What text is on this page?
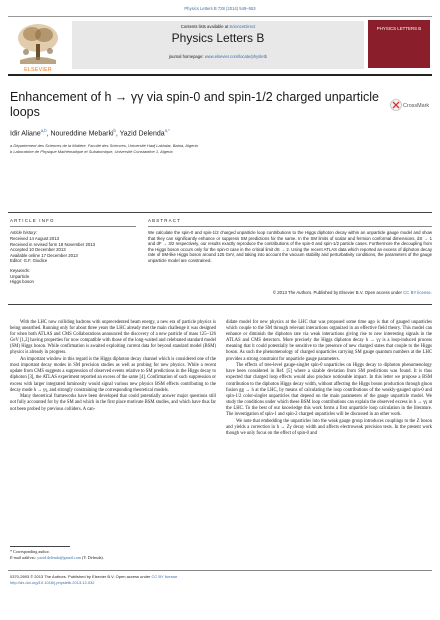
Physics Letters B 728 (2014) 549–553
ELSEVIER
Contents lists available at ScienceDirect
Physics Letters B
journal homepage: www.elsevier.com/locate/physletb
PHYSICS LETTERS B
Enhancement of h → γγ via spin-0 and spin-1/2 charged unparticle
loops	CrossMark
Idir Aliane$^{a,b}$, Noureddine Mebarki$^b$, Yazid Delenda$^{a,*}$
a Département des Sciences de la Matière, Faculté des Sciences, Université Hadj Lakhdar, Batna, Algeria
b Laboratoire de Physique Mathématique et Subatomique, Université Constantine 1, Algeria
ARTICLE INFO	ABSTRACT
Article history:
Received 14 August 2013
Received in revised form 18 November 2013
Accepted 10 December 2013
Available online 17 December 2013
Editor: G.F. Giudice
Keywords:
Unparticle
Higgs boson
We calculate the spin-0 and spin-1/2 charged unparticle loop contributions to the Higgs diphoton decay within an unparticle gauge model and show that they can significantly enhance or suppress SM predictions for the same. In the SM limits of scalar and fermion conformal dimensions, dS → 1 and dF → 3/2 respectively, our results exactly reproduce the contributions of the spin-0 and spin-1/2 particle cases. Furthermore the decoupling from the Higgs boson occurs only for the spin-0 case in the critical limit dS → 2. Using the recent ATLAS data which reported an excess of diphoton decay rate of SM-like Higgs boson around 125 GeV, and taking into account the vacuum stability and perturbativity conditions, the parameters of the gauge unparticle model are constrained.
© 2013 The Authors. Published by Elsevier B.V. Open access under CC BY license.

With the LHC now colliding hadrons with unprecedented beam energy, a new era of particle physics is being unearthed. Running only for about three years the LHC already met the main challenge it was designed for when both ATLAS and CMS Collaborations announced the discovery of a new particle of mass 125–126 GeV [1,2] having properties for now compatible with those of the long-waited and celebrated standard model (SM) Higgs boson. While confirmation is awaited exploiting current data for beyond standard model (BSM) physics is already in progress.

An important window in this regard is the Higgs diphoton decay channel which is considered one of the most important decay modes in SM precision studies as well as probing for new physics. While a recent update from CMS suggests a suppression of observed events relative to SM predictions in the Higgs decay to diphoton [3], the ATLAS experiment reported an excess of the same [4]. Confirmation of such suppression or excess with larger integrated luminosity would signal various new physics BSM effects contributing to the decay mode h → γγ, and strongly constraining the corresponding theoretical models.

Many theoretical frameworks have been developed that could potentially answer major questions still not fully accounted for by the SM and which in the first place motivate BSM studies, and which have thus far not been probed by previous colliders. A can-

didate model for new physics at the LHC that was proposed some time ago is that of gauged unparticles which couple to the SM through relevant interactions organized in an effective field theory. This model can enhance or diminish the diphoton rate via weak interactions giving rise to new interesting signals in the ATLAS and CMS detectors. More precisely the Higgs diphoton decay h → γγ is a loop-induced process meaning that it could potentially be sensitive to the presence of new charged states that couple to the Higgs boson. As such the phenomenology of charged unparticles carrying SM gauge quantum numbers at the LHC provides a strong constraint for unparticle gauge parameters.

The effects of tree-level gauge-singlet spin-0 unparticles on Higgs decay to diphoton phenomenology have been considered in Ref. [5] where a sizable deviation from SM predictions was found. It is thus expected that charged loop effects would also produce noticeable impact. In this letter we propose a BSM contribution to the diphoton Higgs decay width, without affecting the Higgs boson production through gluon fusion gg → h at the LHC, by means of calculating the loop contributions of the weakly-gauged spin-0 and spin-1/2 color-singlet unparticles that depend on the main parameters of the gauge unparticle model. We study the conditions under which these BSM loop contributions can explain the observed excess in h → γγ at the LHC. To the best of our knowledge this work forms a first unparticle loop calculation in the literature. The investigation of spin-1 and spin-2 charged unparticles will be discussed in an other work.

We note that embedding the unparticles into the weak gauge group introduces couplings to the Z boson and yields a correction in h → Zγ decay width and affects electroweak precision tests. In the present work though we only focus on the effect of spin-0 and

* Corresponding author.
E-mail address: yazid.delenda@gmail.com (Y. Delenda).
0370-2693 © 2013 The Authors. Published by Elsevier B.V. Open access under CC BY license.
http://dx.doi.org/10.1016/j.physletb.2013.12.032
